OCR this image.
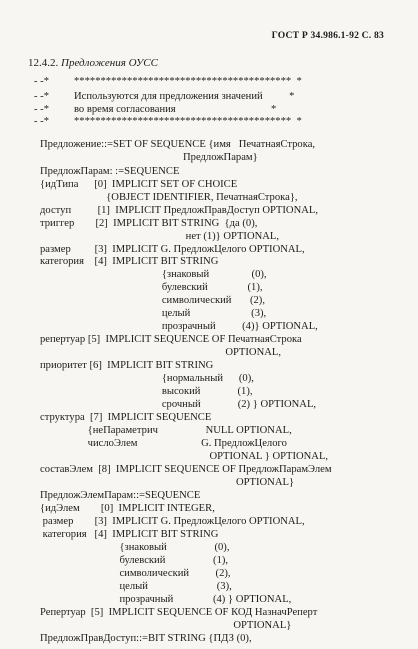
ГОСТ Р 34.986.1-92 С. 83
12.4.2. Предложения ОУСС
- -* *****************************************  *
- -* Используются для предложения значений          *
- -* во время согласования                                    *
- -* *****************************************  *
Предложение::=SET OF SEQUENCE {имя   ПечатнаяСтрока,
ПредложПарам}
ПредложПарам: :=SEQUENCE
{идТипа      [0]  IMPLICIT SET OF CHOICE
{OBJECT IDENTIFIER, ПечатнаяСтрока},
доступ          [1]  IMPLICIT ПредложПравДоступ OPTIONAL,
триггер        [2]  IMPLICIT BIT STRING  {да (0),
нет (1)} OPTIONAL,
размер         [3]  IMPLICIT G. ПредложЦелого OPTIONAL,
категория    [4]  IMPLICIT BIT STRING
{знаковый                (0),
булевский               (1),
символический       (2),
целый                       (3),
прозрачный          (4)} OPTIONAL,
репертуар [5]  IMPLICIT SEQUENCE OF ПечатнаяСтрока
OPTIONAL,
приоритет [6]  IMPLICIT BIT STRING
{нормальный      (0),
высокий              (1),
срочный              (2) } OPTIONAL,
структура  [7]  IMPLICIT SEQUENCE
{неПараметрич                  NULL OPTIONAL,
числоЭлем                        G. ПредложЦелого
OPTIONAL } OPTIONAL,
составЭлем  [8]  IMPLICIT SEQUENCE OF ПредложПарамЭлем
OPTIONAL}
ПредложЭлемПарам::=SEQUENCE
{идЭлем        [0]  IMPLICIT INTEGER,
размер        [3]  IMPLICIT G. ПредложЦелого OPTIONAL,
категория   [4]  IMPLICIT BIT STRING
{знаковый                  (0),
булевский                  (1),
символический          (2),
целый                          (3),
прозрачный               (4) } OPTIONAL,
Репертуар  [5]  IMPLICIT SEQUENCE OF КОД НазначРеперт
OPTIONAL}
ПредложПравДоступ::=BIT STRING {ПДЗ (0),
